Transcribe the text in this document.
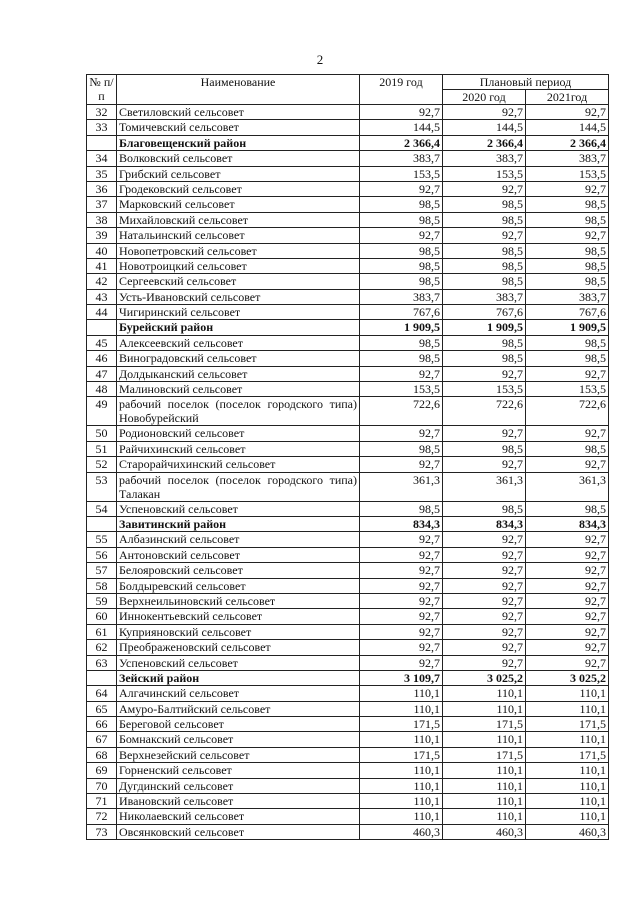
2
№ п/п	Наименование	2019 год	Плановый период	
			2020 год	2021год
32	Светиловский сельсовет	92,7	92,7	92,7
33	Томичевский сельсовет	144,5	144,5	144,5
	Благовещенский район	2 366,4	2 366,4	2 366,4
34	Волковский сельсовет	383,7	383,7	383,7
35	Грибский сельсовет	153,5	153,5	153,5
36	Гродековский сельсовет	92,7	92,7	92,7
37	Марковский сельсовет	98,5	98,5	98,5
38	Михайловский сельсовет	98,5	98,5	98,5
39	Натальинский сельсовет	92,7	92,7	92,7
40	Новопетровский сельсовет	98,5	98,5	98,5
41	Новотроицкий сельсовет	98,5	98,5	98,5
42	Сергеевский сельсовет	98,5	98,5	98,5
43	Усть-Ивановский сельсовет	383,7	383,7	383,7
44	Чигиринский сельсовет	767,6	767,6	767,6
	Бурейский район	1 909,5	1 909,5	1 909,5
45	Алексеевский сельсовет	98,5	98,5	98,5
46	Виноградовский сельсовет	98,5	98,5	98,5
47	Долдыканский сельсовет	92,7	92,7	92,7
48	Малиновский сельсовет	153,5	153,5	153,5
49	рабочий поселок (поселок городского типа) Новобурейский	722,6	722,6	722,6
50	Родионовский сельсовет	92,7	92,7	92,7
51	Райчихинский сельсовет	98,5	98,5	98,5
52	Старорайчихинский сельсовет	92,7	92,7	92,7
53	рабочий поселок (поселок городского типа) Талакан	361,3	361,3	361,3
54	Успеновский сельсовет	98,5	98,5	98,5
	Завитинский район	834,3	834,3	834,3
55	Албазинский сельсовет	92,7	92,7	92,7
56	Антоновский сельсовет	92,7	92,7	92,7
57	Белояровский сельсовет	92,7	92,7	92,7
58	Болдыревский сельсовет	92,7	92,7	92,7
59	Верхнеильиновский сельсовет	92,7	92,7	92,7
60	Иннокентьевский сельсовет	92,7	92,7	92,7
61	Куприяновский сельсовет	92,7	92,7	92,7
62	Преображеновский сельсовет	92,7	92,7	92,7
63	Успеновский сельсовет	92,7	92,7	92,7
	Зейский район	3 109,7	3 025,2	3 025,2
64	Алгачинский сельсовет	110,1	110,1	110,1
65	Амуро-Балтийский сельсовет	110,1	110,1	110,1
66	Береговой сельсовет	171,5	171,5	171,5
67	Бомнакский сельсовет	110,1	110,1	110,1
68	Верхнезейский сельсовет	171,5	171,5	171,5
69	Горненский сельсовет	110,1	110,1	110,1
70	Дугдинский сельсовет	110,1	110,1	110,1
71	Ивановский сельсовет	110,1	110,1	110,1
72	Николаевский сельсовет	110,1	110,1	110,1
73	Овсянковский сельсовет	460,3	460,3	460,3
